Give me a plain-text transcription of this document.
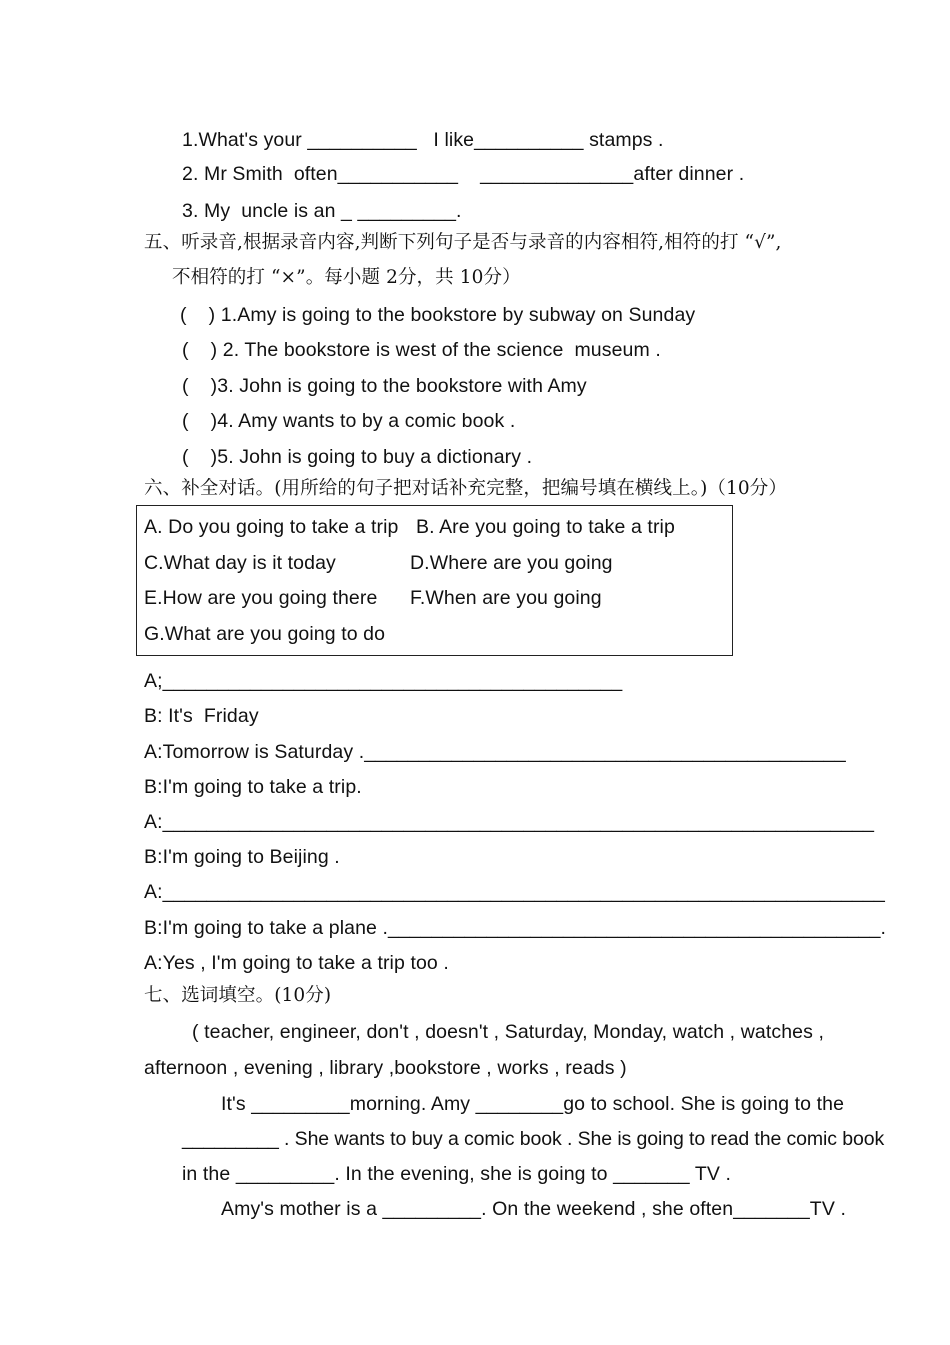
1.What's your __________   I like__________ stamps .
2. Mr Smith  often___________    ______________after dinner .
3. My  uncle is an _ _________.
五、听录音,根据录音内容,判断下列句子是否与录音的内容相符,相符的打 “√”,
不相符的打 “×”。每小题 2分，共 10分）
(    ) 1.Amy is going to the bookstore by subway on Sunday
(    ) 2. The bookstore is west of the science  museum .
(    )3. John is going to the bookstore with Amy
(    )4. Amy wants to by a comic book .
(    )5. John is going to buy a dictionary .
六、补全对话。(用所给的句子把对话补充完整，把编号填在横线上。)（10分）
A. Do you going to take a trip B. Are you going to take a trip
C.What day is it today	D.Where are you going
E.How are you going there F.When are you going
G.What are you going to do
A;__________________________________________
B: It's  Friday
A:Tomorrow is Saturday .____________________________________________
B:I'm going to take a trip.
A:_________________________________________________________________
B:I'm going to Beijing .
A:__________________________________________________________________
B:I'm going to take a plane ._____________________________________________.
A:Yes , I'm going to take a trip too .
七、选词填空。(10分)
( teacher, engineer, don't , doesn't , Saturday, Monday, watch , watches ,
afternoon , evening , library ,bookstore , works , reads )
It's _________morning. Amy ________go to school. She is going to the
_________ . She wants to buy a comic book . She is going to read the comic book
in the _________. In the evening, she is going to _______ TV .
Amy's mother is a _________. On the weekend , she often_______TV .
